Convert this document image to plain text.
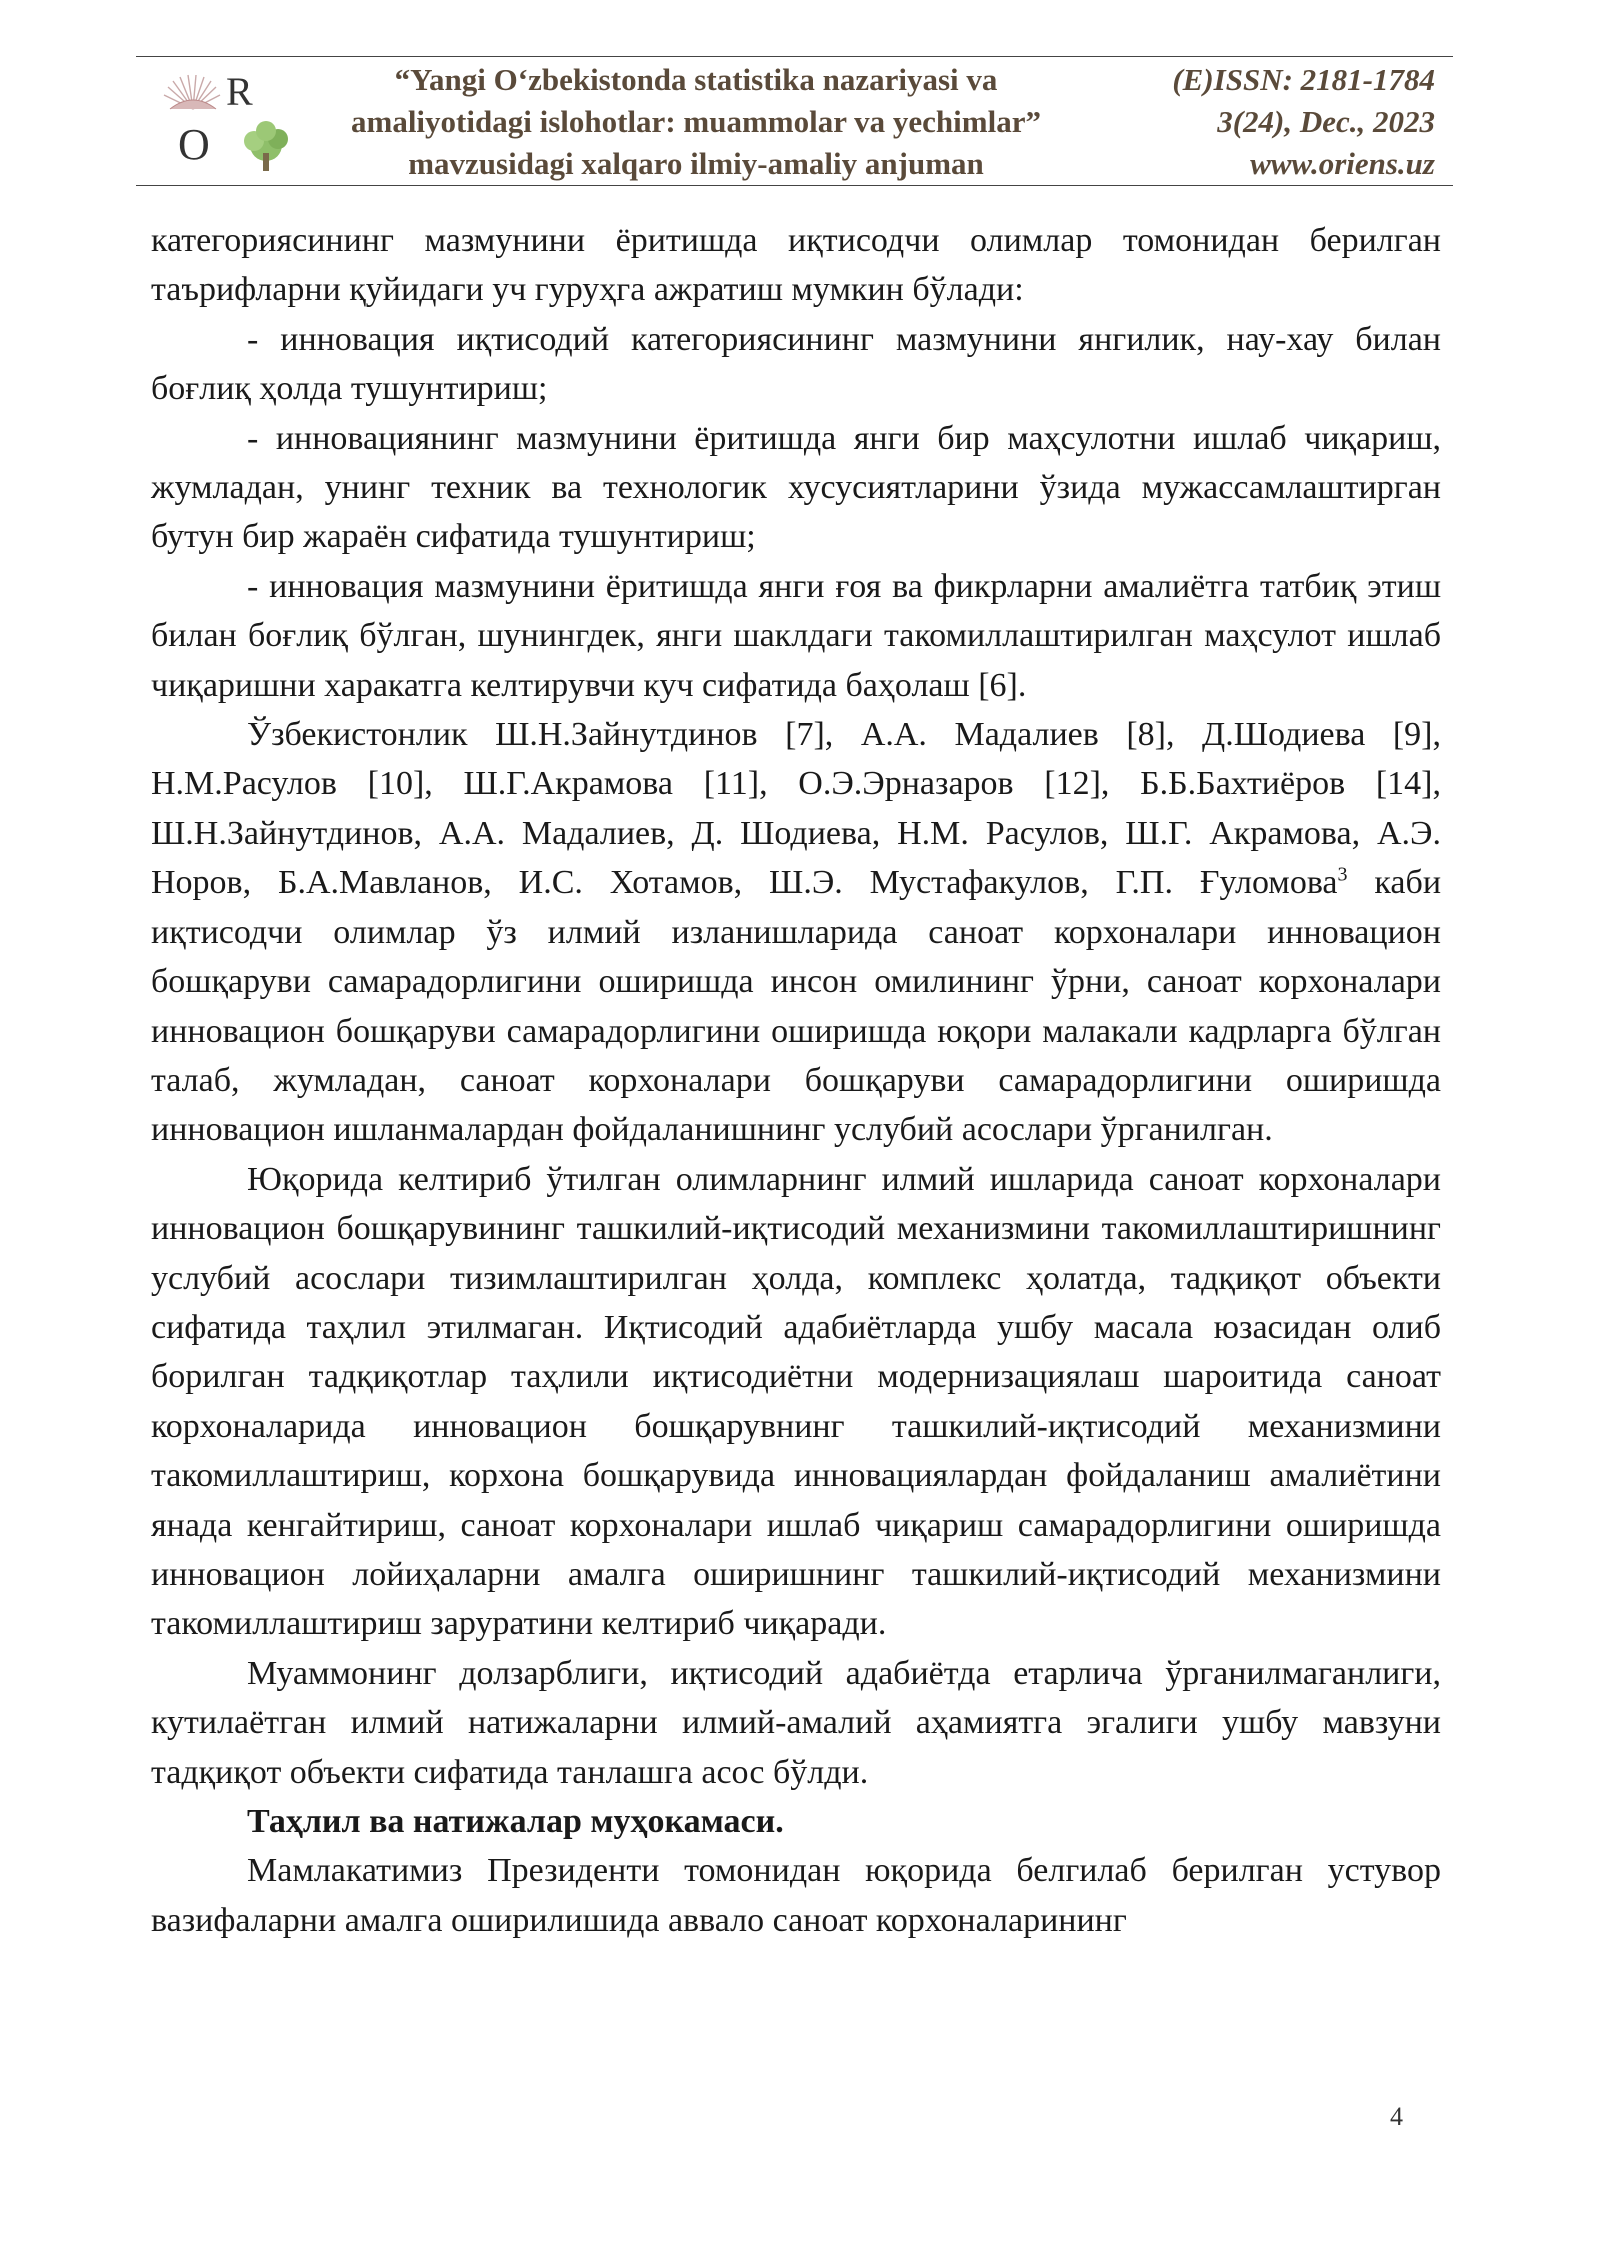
R
O
“Yangi Oʻzbekistonda statistika nazariyasi va
amaliyotidagi islohotlar: muammolar va yechimlar”
mavzusidagi xalqaro ilmiy-amaliy anjuman
(E)ISSN: 2181-1784
3(24), Dec., 2023
www.oriens.uz

категориясининг мазмунини ёритишда иқтисодчи олимлар томонидан берилган таърифларни қуйидаги уч гуруҳга ажратиш мумкин бўлади:

- инновация иқтисодий категориясининг мазмунини янгилик, нау-хау билан боғлиқ ҳолда тушунтириш;

- инновациянинг мазмунини ёритишда янги бир маҳсулотни ишлаб чиқариш, жумладан, унинг техник ва технологик хусусиятларини ўзида мужассамлаштирган бутун бир жараён сифатида тушунтириш;

- инновация мазмунини ёритишда янги ғоя ва фикрларни амалиётга татбиқ этиш билан боғлиқ бўлган, шунингдек, янги шаклдаги такомиллаштирилган маҳсулот ишлаб чиқаришни харакатга келтирувчи куч сифатида баҳолаш [6].

Ўзбекистонлик Ш.Н.Зайнутдинов [7], А.А. Мадалиев [8], Д.Шодиева [9], Н.М.Расулов [10], Ш.Г.Акрамова [11], О.Э.Эрназаров [12], Б.Б.Бахтиёров [14], Ш.Н.Зайнутдинов, А.А. Мадалиев, Д. Шодиева, Н.М. Расулов, Ш.Г. Акрамова, А.Э. Норов, Б.А.Мавланов, И.С. Хотамов, Ш.Э. Мустафакулов, Г.П. Ғуломова$^3$ каби иқтисодчи олимлар ўз илмий изланишларида саноат корхоналари инновацион бошқаруви самарадорлигини оширишда инсон омилининг ўрни, саноат корхоналари инновацион бошқаруви самарадорлигини оширишда юқори малакали кадрларга бўлган талаб, жумладан, саноат корхоналари бошқаруви самарадорлигини оширишда инновацион ишланмалардан фойдаланишнинг услубий асослари ўрганилган.

Юқорида келтириб ўтилган олимларнинг илмий ишларида саноат корхоналари инновацион бошқарувининг ташкилий-иқтисодий механизмини такомиллаштиришнинг услубий асослари тизимлаштирилган ҳолда, комплекс ҳолатда, тадқиқот объекти сифатида таҳлил этилмаган. Иқтисодий адабиётларда ушбу масала юзасидан олиб борилган тадқиқотлар таҳлили иқтисодиётни модернизациялаш шароитида саноат корхоналарида инновацион бошқарувнинг ташкилий-иқтисодий механизмини такомиллаштириш, корхона бошқарувида инновациялардан фойдаланиш амалиётини янада кенгайтириш, саноат корхоналари ишлаб чиқариш самарадорлигини оширишда инновацион лойиҳаларни амалга оширишнинг ташкилий-иқтисодий механизмини такомиллаштириш заруратини келтириб чиқаради.

Муаммонинг долзарблиги, иқтисодий адабиётда етарлича ўрганилмаганлиги, кутилаётган илмий натижаларни илмий-амалий аҳамиятга эгалиги ушбу мавзуни тадқиқот объекти сифатида танлашга асос бўлди.

Таҳлил ва натижалар муҳокамаси.

Мамлакатимиз Президенти томонидан юқорида белгилаб берилган устувор вазифаларни амалга оширилишида аввало саноат корхоналарининг

4
